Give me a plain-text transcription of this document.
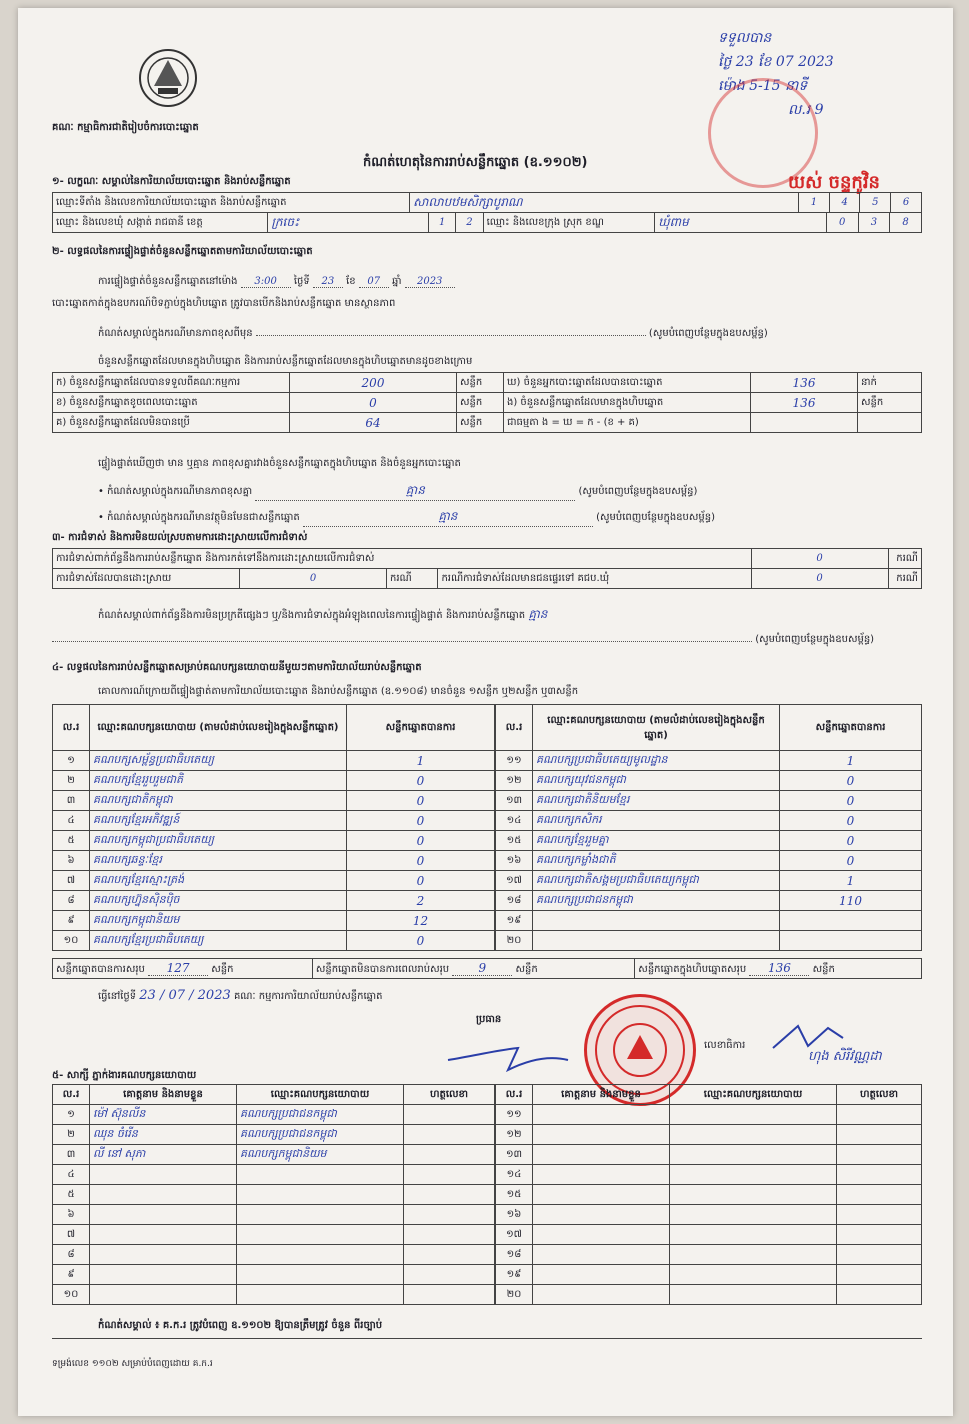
គណៈ កម្មាធិការជាតិរៀបចំការបោះឆ្នោត
ទទួលបាន
ថ្ងៃ 23 ខែ 07 2023
ម៉ោង 5-15 នាទី
ល.រ 9
យស់ ចន្ទកូវិន
កំណត់ហេតុនៃការរាប់សន្លឹកឆ្នោត (ឧ.១១០២)
១- លក្ខណៈ សម្គាល់នៃការិយាល័យបោះឆ្នោត និងរាប់សន្លឹកឆ្នោត
ឈ្មោះទីតាំង និងលេខការិយាល័យបោះឆ្នោត និងរាប់សន្លឹកឆ្នោត	សាលាបឋមសិក្សាបូរាណ	1	4	5	6
ឈ្មោះ និងលេខឃុំ សង្កាត់ រាជធានី ខេត្ត	ក្រចេះ	1	2	ឈ្មោះ និងលេខក្រុង ស្រុក ខណ្ឌ	ឃុំពាម	0	3	8
២- លទ្ធផលនៃការផ្ទៀងផ្ទាត់ចំនួនសន្លឹកឆ្នោតតាមការិយាល័យបោះឆ្នោត
ការផ្ទៀងផ្ទាត់ចំនួនសន្លឹកឆ្នោតនៅម៉ោង 3:00 ថ្ងៃទី 23 ខែ 07 ឆ្នាំ 2023
បោះឆ្នោតកាត់ក្នុងឧបករណ៍បិទភ្ជាប់ក្នុងហិបឆ្នោត ត្រូវបានបើកនិងរាប់សន្លឹកឆ្នោត មានស្ថានភាព
កំណត់សម្គាល់ក្នុងករណីមានភាពខុសពីមុន	(សូមបំពេញបន្ថែមក្នុងឧបសម្ព័ន្ធ)
ចំនួនសន្លឹកឆ្នោតដែលមានក្នុងហិបឆ្នោត និងការរាប់សន្លឹកឆ្នោតដែលមានក្នុងហិបឆ្នោតមានដូចខាងក្រោម
ក) ចំនួនសន្លឹកឆ្នោតដែលបានទទួលពីគណៈកម្មការ	200	សន្លឹក	ឃ) ចំនួនអ្នកបោះឆ្នោតដែលបានបោះឆ្នោត	136	នាក់
ខ) ចំនួនសន្លឹកឆ្នោតខូចពេលបោះឆ្នោត	0	សន្លឹក	ង) ចំនួនសន្លឹកឆ្នោតដែលមានក្នុងហិបឆ្នោត	136	សន្លឹក
គ) ចំនួនសន្លឹកឆ្នោតដែលមិនបានប្រើ	64	សន្លឹក	ជាធម្មតា ង = ឃ = ក - (ខ + គ)		
ផ្ទៀងផ្ទាត់ឃើញថា មាន ឬគ្មាន ភាពខុសគ្នារវាងចំនួនសន្លឹកឆ្នោតក្នុងហិបឆ្នោត និងចំនួនអ្នកបោះឆ្នោត
• កំណត់សម្គាល់ក្នុងករណីមានភាពខុសគ្នា	គ្មាន	(សូមបំពេញបន្ថែមក្នុងឧបសម្ព័ន្ធ)
• កំណត់សម្គាល់ក្នុងករណីមានវត្ថុមិនមែនជាសន្លឹកឆ្នោត	គ្មាន	(សូមបំពេញបន្ថែមក្នុងឧបសម្ព័ន្ធ)
៣- ការជំទាស់ និងការមិនយល់ស្របតាមការដោះស្រាយលើការជំទាស់
ការជំទាស់ពាក់ព័ន្ធនឹងការរាប់សន្លឹកឆ្នោត និងការកត់ទៅនឹងការដោះស្រាយលើការជំទាស់				0	ករណី
ការជំទាស់ដែលបានដោះស្រាយ	0	ករណី	ករណីការជំទាស់ដែលមានជនផ្ទេរទៅ គជប.ឃុំ	0	ករណី
កំណត់សម្គាល់ពាក់ព័ន្ធនឹងការមិនប្រក្រតីផ្សេងៗ ឬ/និងការជំទាស់ក្នុងអំឡុងពេលនៃការផ្ទៀងផ្ទាត់ និងការរាប់សន្លឹកឆ្នោត គ្មាន
(សូមបំពេញបន្ថែមក្នុងឧបសម្ព័ន្ធ)
៤- លទ្ធផលនៃការរាប់សន្លឹកឆ្នោតសម្រាប់គណបក្សនយោបាយនីមួយៗតាមការិយាល័យរាប់សន្លឹកឆ្នោត
គោលការណ៍ក្រោយពីផ្ទៀងផ្ទាត់តាមការិយាល័យបោះឆ្នោត និងរាប់សន្លឹកឆ្នោត (ឧ.១១០៨) មានចំនួន ១សន្លឹក ឬ២សន្លឹក ឬ៣សន្លឹក
ល.រ	ឈ្មោះគណបក្សនយោបាយ (តាមលំដាប់លេខរៀងក្នុងសន្លឹកឆ្នោត)	សន្លឹកឆ្នោតបានការ
១	គណបក្សសម្ព័ន្ធប្រជាធិបតេយ្យ	1
២	គណបក្សខ្មែររួបរួមជាតិ	0
៣	គណបក្សជាតិកម្ពុជា	0
៤	គណបក្សខ្មែរអភិវឌ្ឍន៍	0
៥	គណបក្សកម្ពុជាប្រជាធិបតេយ្យ	0
៦	គណបក្សឆន្ទៈខ្មែរ	0
៧	គណបក្សខ្មែរស្មោះត្រង់	0
៨	គណបក្សហ្វ៊ុនស៊ិនប៉ិច	2
៩	គណបក្សកម្ពុជានិយម	12
១០	គណបក្សខ្មែរប្រជាធិបតេយ្យ	0
ល.រ	ឈ្មោះគណបក្សនយោបាយ (តាមលំដាប់លេខរៀងក្នុងសន្លឹកឆ្នោត)	សន្លឹកឆ្នោតបានការ
១១	គណបក្សប្រជាធិបតេយ្យមូលដ្ឋាន	1
១២	គណបក្សយុវជនកម្ពុជា	0
១៣	គណបក្សជាតិនិយមខ្មែរ	0
១៤	គណបក្សកសិករ	0
១៥	គណបក្សខ្មែររួមគ្នា	0
១៦	គណបក្សកម្លាំងជាតិ	0
១៧	គណបក្សជាតិសង្គមប្រជាធិបតេយ្យកម្ពុជា	1
១៨	គណបក្សប្រជាជនកម្ពុជា	110
១៩		
២០		
សន្លឹកឆ្នោតបានការសរុប 127 សន្លឹក	សន្លឹកឆ្នោតមិនបានការពេលរាប់សរុប 9	សន្លឹក	សន្លឹកឆ្នោតក្នុងហិបឆ្នោតសរុប 136 សន្លឹក
ធ្វើនៅថ្ងៃទី 23 / 07 / 2023 គណៈ កម្មការការិយាល័យរាប់សន្លឹកឆ្នោត
ប្រធាន
លេខាធិការ
ហុង សិរីវណ្ណដា
៥- សាក្សី ភ្នាក់ងារគណបក្សនយោបាយ
ល.រ	គោត្តនាម និងនាមខ្លួន	ឈ្មោះគណបក្សនយោបាយ	ហត្ថលេខា
១	ម៉ៅ ស៊ុនលីន	គណបក្សប្រជាជនកម្ពុជា	
២	ឈុន ចំរើន	គណបក្សប្រជាជនកម្ពុជា	
៣	លី នៅ សុភា	គណបក្សកម្ពុជានិយម	
៤			
៥			
៦			
៧			
៨			
៩			
១០			
ល.រ	គោត្តនាម និងនាមខ្លួន	ឈ្មោះគណបក្សនយោបាយ	ហត្ថលេខា
១១			
១២			
១៣			
១៤			
១៥			
១៦			
១៧			
១៨			
១៩			
២០			
កំណត់សម្គាល់ ៖ គ.ក.រ ត្រូវបំពេញ ឧ.១១០២ ឱ្យបានត្រឹមត្រូវ ចំនួន ពីរច្បាប់
ទម្រង់លេខ ១១០២ សម្រាប់បំពេញដោយ គ.ក.រ
